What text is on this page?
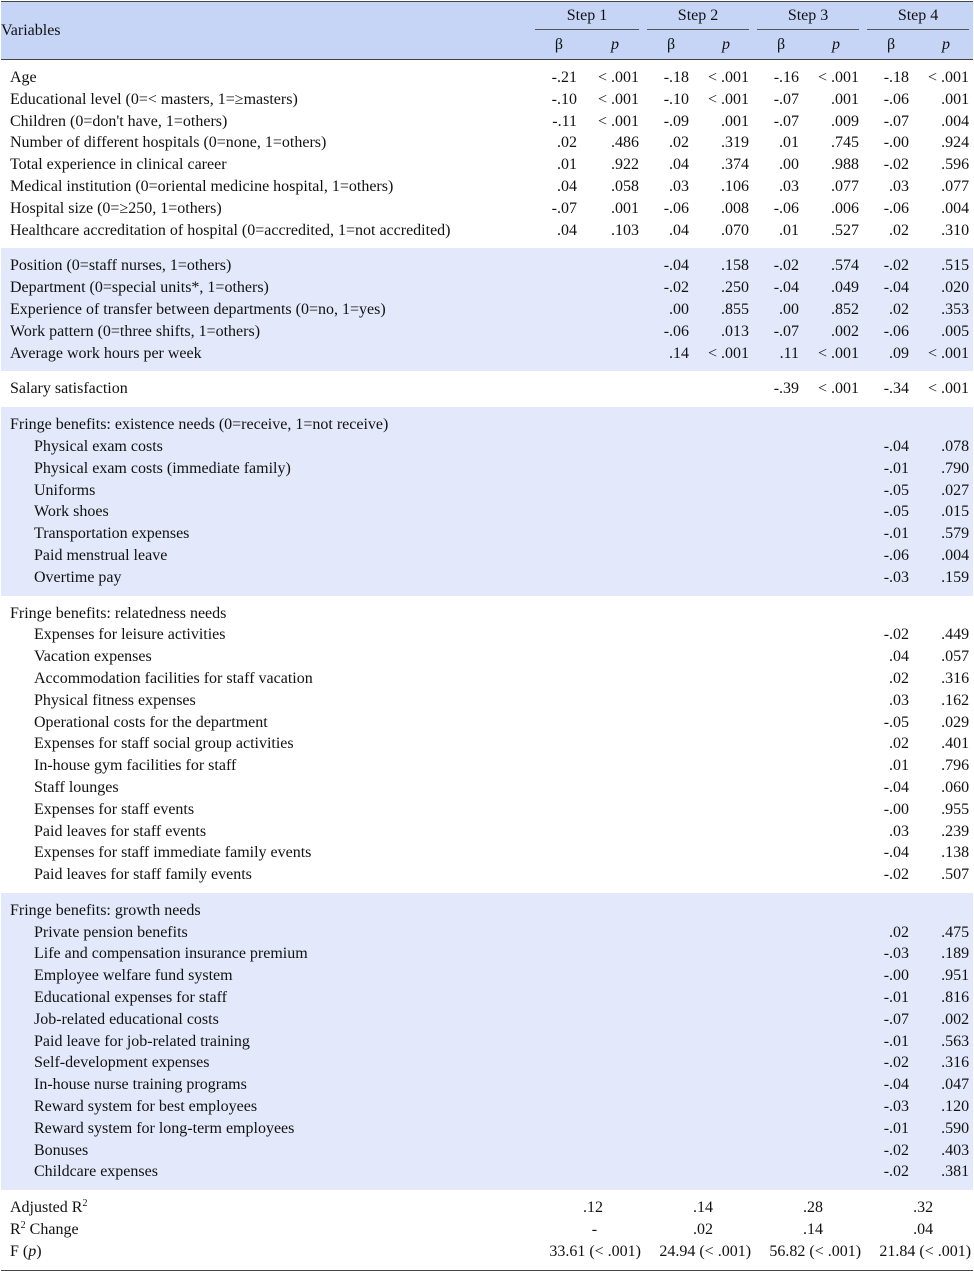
Variables	Step 1		Step 2		Step 3		Step 4	

	β	p	β	p	β	p	β	p

Age	-.21	< .001	-.18	< .001	-.16	< .001	-.18	< .001
Educational level (0=< masters, 1=≥masters)	-.10	< .001	-.10	< .001	-.07	.001	-.06	.001
Children (0=don't have, 1=others)	-.11	< .001	-.09	.001	-.07	.009	-.07	.004
Number of different hospitals (0=none, 1=others)	.02	.486	.02	.319	.01	.745	-.00	.924
Total experience in clinical career	.01	.922	.04	.374	.00	.988	-.02	.596
Medical institution (0=oriental medicine hospital, 1=others)	.04	.058	.03	.106	.03	.077	.03	.077
Hospital size (0=≥250, 1=others)	-.07	.001	-.06	.008	-.06	.006	-.06	.004
Healthcare accreditation of hospital (0=accredited, 1=not accredited)	.04	.103	.04	.070	.01	.527	.02	.310

Position (0=staff nurses, 1=others)			-.04	.158	-.02	.574	-.02	.515
Department (0=special units*, 1=others)			-.02	.250	-.04	.049	-.04	.020
Experience of transfer between departments (0=no, 1=yes)			.00	.855	.00	.852	.02	.353
Work pattern (0=three shifts, 1=others)			-.06	.013	-.07	.002	-.06	.005
Average work hours per week			.14	< .001	.11	< .001	.09	< .001

Salary satisfaction					-.39	< .001	-.34	< .001

Fringe benefits: existence needs (0=receive, 1=not receive)								
Physical exam costs							-.04	.078
Physical exam costs (immediate family)							-.01	.790
Uniforms							-.05	.027
Work shoes							-.05	.015
Transportation expenses							-.01	.579
Paid menstrual leave							-.06	.004
Overtime pay							-.03	.159

Fringe benefits: relatedness needs								
Expenses for leisure activities							-.02	.449
Vacation expenses							.04	.057
Accommodation facilities for staff vacation							.02	.316
Physical fitness expenses							.03	.162
Operational costs for the department							-.05	.029
Expenses for staff social group activities							.02	.401
In-house gym facilities for staff							.01	.796
Staff lounges							-.04	.060
Expenses for staff events							-.00	.955
Paid leaves for staff events							.03	.239
Expenses for staff immediate family events							-.04	.138
Paid leaves for staff family events							-.02	.507

Fringe benefits: growth needs								
Private pension benefits							.02	.475
Life and compensation insurance premium							-.03	.189
Employee welfare fund system							-.00	.951
Educational expenses for staff							-.01	.816
Job-related educational costs							-.07	.002
Paid leave for job-related training							-.01	.563
Self-development expenses							-.02	.316
In-house nurse training programs							-.04	.047
Reward system for best employees							-.03	.120
Reward system for long-term employees							-.01	.590
Bonuses							-.02	.403
Childcare expenses							-.02	.381

Adjusted $R^2$	.12		.14		.28		.32	
$R^2$ Change	-		.02		.14		.04	
F (p)	33.61 (< .001)		24.94 (< .001)		56.82 (< .001)		21.84 (< .001)	
